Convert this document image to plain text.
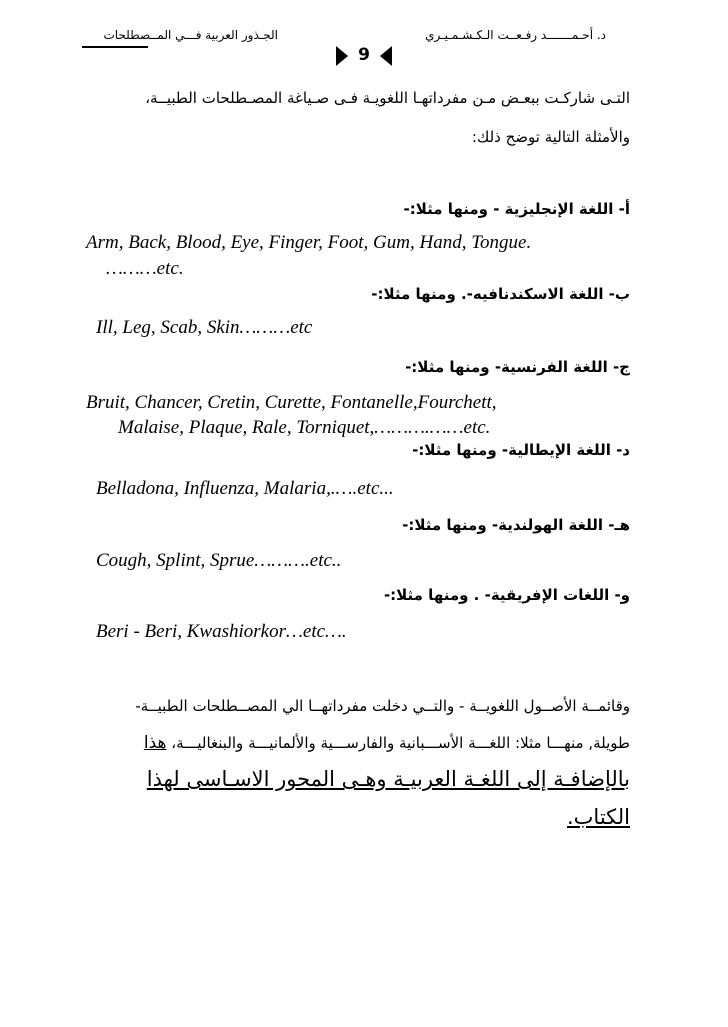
د. أحـمـــــــد رفـعــت الـكـشـمـيـري
الجـذور العربية فـــي المــصطلحات
9
التـى شاركـت ببعـض مـن مفرداتهـا اللغويـة فـى صـياغة المصـطلحات الطبيــة،
والأمثلة التالية توضح ذلك:
أ- اللغة الإنجليزية - ومنها مثلا:-
Arm, Back, Blood, Eye, Finger, Foot, Gum, Hand, Tongue.
………etc.
ب- اللغة الاسكندنافيه-. ومنها مثلا:-
Ill, Leg, Scab, Skin………etc
ج- اللغة الفرنسية- ومنها مثلا:-
Bruit, Chancer, Cretin, Curette, Fontanelle,Fourchett,
Malaise, Plaque, Rale, Torniquet,……….……etc.
د- اللغة الإيطالية- ومنها مثلا:-
Belladona, Influenza, Malaria,.….etc...
هـ- اللغة الهولندية- ومنها مثلا:-
Cough, Splint, Sprue……….etc..
و- اللغات الإفريقية- . ومنها مثلا:-
Beri - Beri, Kwashiorkor…etc….
وقائمــة الأصــول اللغويــة - والتــي دخلت مفرداتهــا الي المصــطلحات الطبيــة-
طويلة, منهـــا مثلا: اللغـــة الأســـبانية والفارســـية والألمانيـــة والبنغاليـــة، هذا
بالإضافـة إلى اللغـة العربيـة وهـى المحور الاسـاسى لهذا
الكتاب.
